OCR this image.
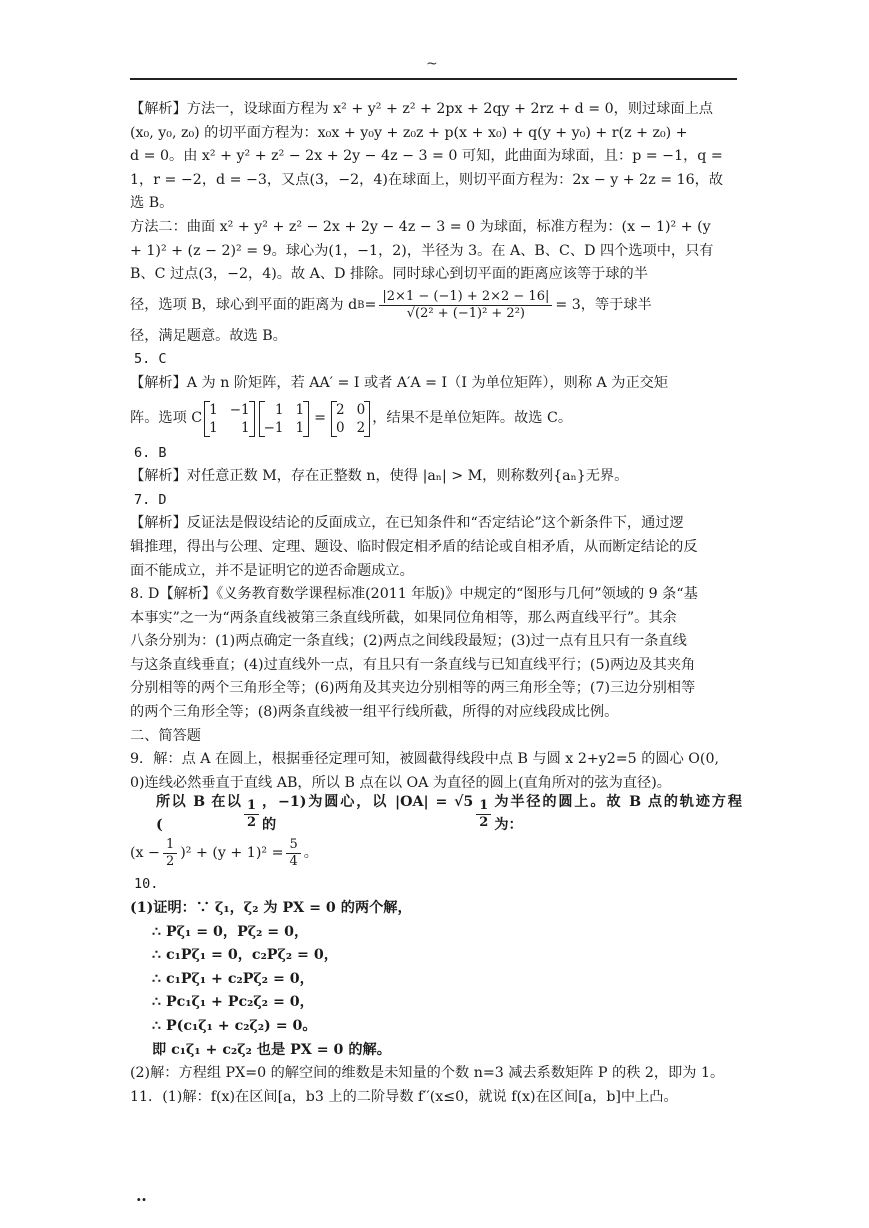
~

【解析】方法一，设球面方程为 x² + y² + z² + 2px + 2qy + 2rz + d = 0，则过球面上点

(x₀, y₀, z₀) 的切平面方程为：x₀x + y₀y + z₀z + p(x + x₀) + q(y + y₀) + r(z + z₀) +

d = 0。由 x² + y² + z² − 2x + 2y − 4z − 3 = 0 可知，此曲面为球面，且：p = −1，q =

1，r = −2，d = −3，又点(3，−2，4)在球面上，则切平面方程为：2x − y + 2z = 16，故

选 B。

方法二：曲面 x² + y² + z² − 2x + 2y − 4z − 3 = 0 为球面，标准方程为：(x − 1)² + (y

+ 1)² + (z − 2)² = 9。球心为(1，−1，2)，半径为 3。在 A、B、C、D 四个选项中，只有

B、C 过点(3，−2，4)。故 A、D 排除。同时球心到切平面的距离应该等于球的半

径，选项 B，球心到平面的距离为 d $B = \frac{|2\times 1 - (-1) + 2\times 2 - 16|}{\text{√(2² + (−1)² + 2²)}} = 3$，等于球半

径，满足题意。故选 B。

5. C

【解析】A 为 n 阶矩阵，若 AA′ = I 或者 A′A = I（I 为单位矩阵），则称 A 为正交矩

阵。选项 C
1 −1
1	1
1 1
−1 1
=
2 0
0 2
，结果不是单位矩阵。故选 C。

6. B

【解析】对任意正数 M，存在正整数 n，使得 |aₙ| > M，则称数列{aₙ}无界。

7. D

【解析】反证法是假设结论的反面成立，在已知条件和“否定结论”这个新条件下，通过逻

辑推理，得出与公理、定理、题设、临时假定相矛盾的结论或自相矛盾，从而断定结论的反

面不能成立，并不是证明它的逆否命题成立。

8. D【解析】《义务教育数学课程标准(2011 年版)》中规定的“图形与几何”领域的 9 条“基

本事实”之一为“两条直线被第三条直线所截，如果同位角相等，那么两直线平行”。其余

八条分别为：(1)两点确定一条直线；(2)两点之间线段最短；(3)过一点有且只有一条直线

与这条直线垂直；(4)过直线外一点，有且只有一条直线与已知直线平行；(5)两边及其夹角

分别相等的两个三角形全等；(6)两角及其夹边分别相等的两三角形全等；(7)三边分别相等

的两个三角形全等；(8)两条直线被一组平行线所截，所得的对应线段成比例。

二、简答题

9．解：点 A 在圆上，根据垂径定理可知，被圆截得线段中点 B 与圆 x 2+y2=5 的圆心 O(0,

0)连线必然垂直于直线 AB，所以 B 点在以 OA 为直径的圆上(直角所对的弦为直径)。

所以 B 在以(	$\frac{1}{2}$ ，−1)为圆心，以 |OA| = √5 的	$\frac{1}{2}$ 为半径的圆上。故 B 点的轨迹方程为：
$(x - \frac{1}{2} )^2 + (y + 1)^2 = \frac{5}{4}$ 。

10.

(1)证明：∵ ζ₁，ζ₂ 为 PX = 0 的两个解，

∴ Pζ₁ = 0，Pζ₂ = 0，

∴ c₁Pζ₁ = 0，c₂Pζ₂ = 0，

∴ c₁Pζ₁ + c₂Pζ₂ = 0，

∴ Pc₁ζ₁ + Pc₂ζ₂ = 0，

∴ P(c₁ζ₁ + c₂ζ₂) = 0。

即 c₁ζ₁ + c₂ζ₂ 也是 PX = 0 的解。

(2)解：方程组 PX=0 的解空间的维数是未知量的个数 n=3 减去系数矩阵 P 的秩 2，即为 1。

11．(1)解：f(x)在区间[a，b3 上的二阶导数 f′′(x≤0，就说 f(x)在区间[a，b]中上凸。

‥
